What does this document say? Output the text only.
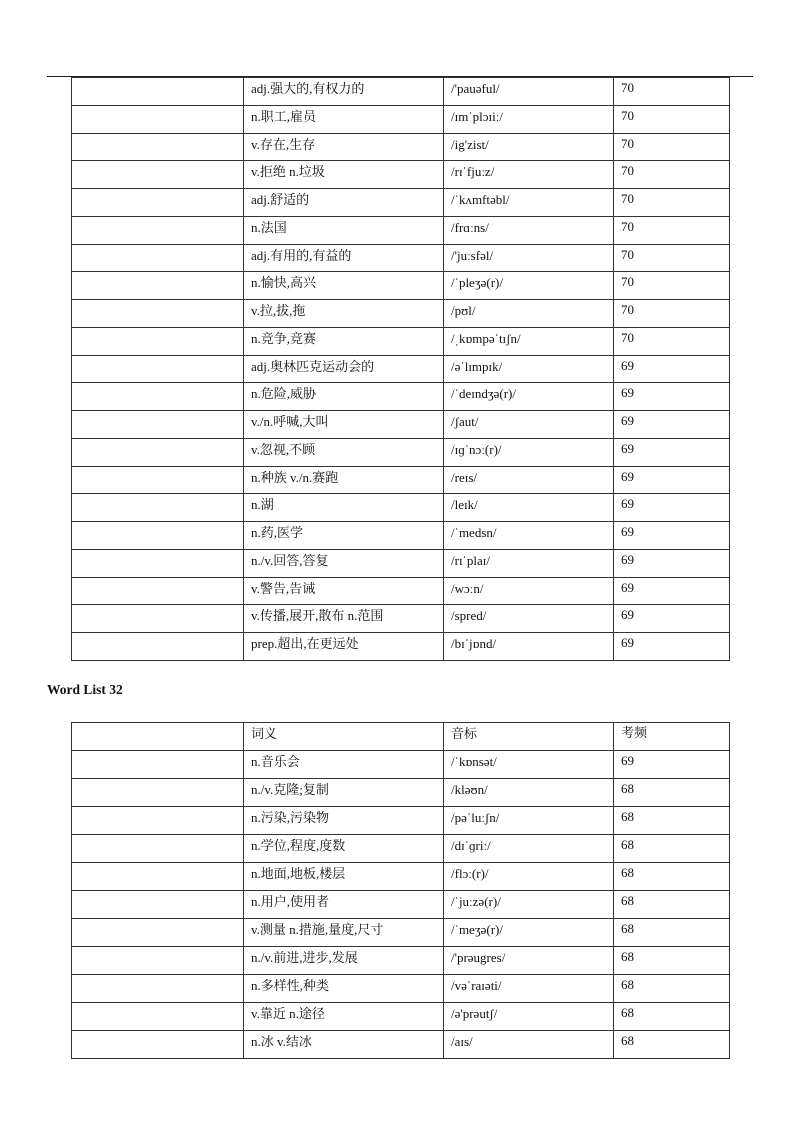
	adj.强大的,有权力的	/'pauəful/	70
	n.职工,雇员	/ɪmˈplɔɪiː/	70
	v.存在,生存	/ig'zist/	70
	v.拒绝 n.垃圾	/rɪˈfjuːz/	70
	adj.舒适的	/ˈkʌmftəbl/	70
	n.法国	/frɑːns/	70
	adj.有用的,有益的	/'juːsfəl/	70
	n.愉快,高兴	/ˈpleʒə(r)/	70
	v.拉,拔,拖	/pʊl/	70
	n.竞争,竞赛	/ˌkɒmpəˈtɪʃn/	70
	adj.奥林匹克运动会的	/əˈlɪmpɪk/	69
	n.危险,威胁	/ˈdeɪndʒə(r)/	69
	v./n.呼喊,大叫	/ʃaut/	69
	v.忽视,不顾	/ɪɡˈnɔː(r)/	69
	n.种族 v./n.赛跑	/reɪs/	69
	n.湖	/leɪk/	69
	n.药,医学	/ˈmedsn/	69
	n./v.回答,答复	/rɪˈplaɪ/	69
	v.警告,告诫	/wɔːn/	69
	v.传播,展开,散布 n.范围	/spred/	69
	prep.超出,在更远处	/bɪˈjɒnd/	69
Word List 32
	词义	音标	考频
	n.音乐会	/ˈkɒnsət/	69
	n./v.克隆;复制	/kləʊn/	68
	n.污染,污染物	/pəˈluːʃn/	68
	n.学位,程度,度数	/dɪˈɡriː/	68
	n.地面,地板,楼层	/flɔː(r)/	68
	n.用户,使用者	/ˈjuːzə(r)/	68
	v.测量 n.措施,量度,尺寸	/ˈmeʒə(r)/	68
	n./v.前进,进步,发展	/'prəugres/	68
	n.多样性,种类	/vəˈraɪəti/	68
	v.靠近 n.途径	/ə'prəutʃ/	68
	n.冰 v.结冰	/aɪs/	68
